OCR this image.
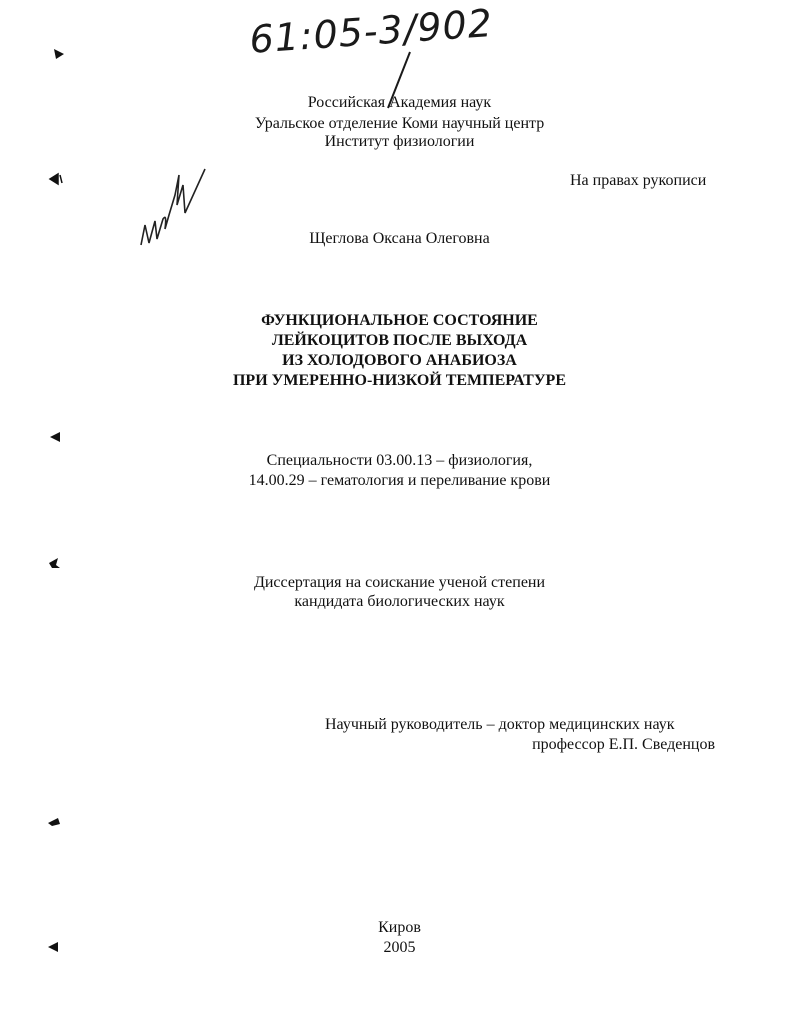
61:05-3/902
Российская Академия наук
Уральское отделение Коми научный центр
Институт физиологии
На правах рукописи
Щеглова Оксана Олеговна
ФУНКЦИОНАЛЬНОЕ СОСТОЯНИЕ
ЛЕЙКОЦИТОВ ПОСЛЕ ВЫХОДА
ИЗ ХОЛОДОВОГО АНАБИОЗА
ПРИ УМЕРЕННО-НИЗКОЙ ТЕМПЕРАТУРЕ
Специальности 03.00.13 – физиология,
14.00.29 – гематология и переливание крови
Диссертация на соискание ученой степени
кандидата биологических наук
Научный руководитель – доктор медицинских наук
профессор Е.П. Сведенцов
Киров
2005
